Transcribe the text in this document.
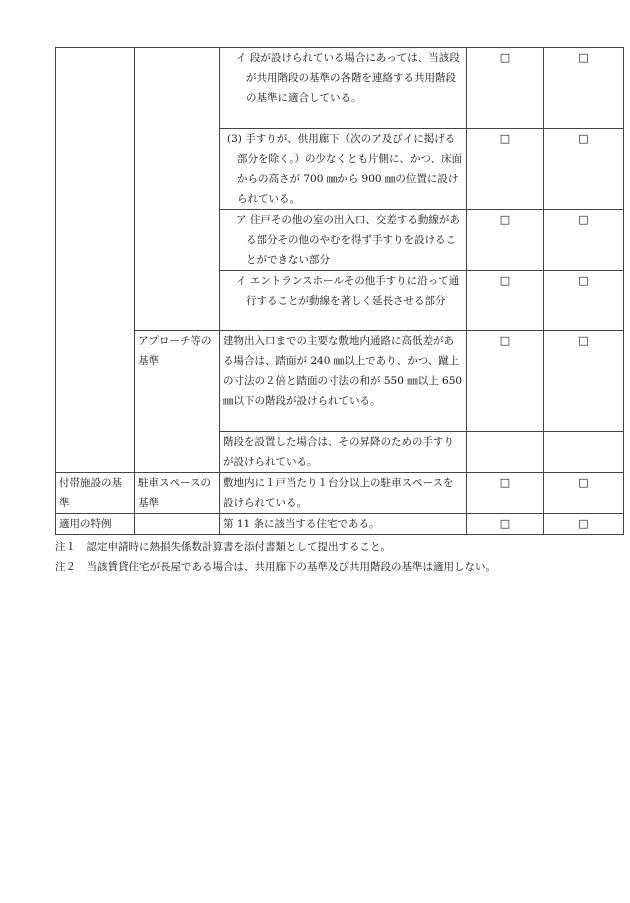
		イ 段が設けられている場合にあっては、当該段が共用階段の基準の各階を連絡する共用階段の基準に適合している。	□	□

		(3) 手すりが、供用廊下（次のア及びイに掲げる部分を除く。）の少なくとも片側に、かつ、床面からの高さが 700 ㎜から 900 ㎜の位置に設けられている。	□	□

		ア 住戸その他の室の出入口、交差する動線がある部分その他のやむを得ず手すりを設けることができない部分	□	□

		イ エントランスホールその他手すりに沿って通行することが動線を著しく延長させる部分	□	□
	アプローチ等の基準	建物出入口までの主要な敷地内通路に高低差がある場合は、踏面が 240 ㎜以上であり、かつ、蹴上の寸法の２倍と踏面の寸法の和が 550 ㎜以上 650 ㎜以下の階段が設けられている。	□	□
		階段を設置した場合は、その昇降のための手すりが設けられている。		
付帯施設の基準	駐車スペースの基準	敷地内に１戸当たり１台分以上の駐車スペースを設けられている。	□	□
適用の特例		第 11 条に該当する住宅である。	□	□
注１　認定申請時に熱損失係数計算書を添付書類として提出すること。
注２　当該賃貸住宅が長屋である場合は、共用廊下の基準及び共用階段の基準は適用しない。
